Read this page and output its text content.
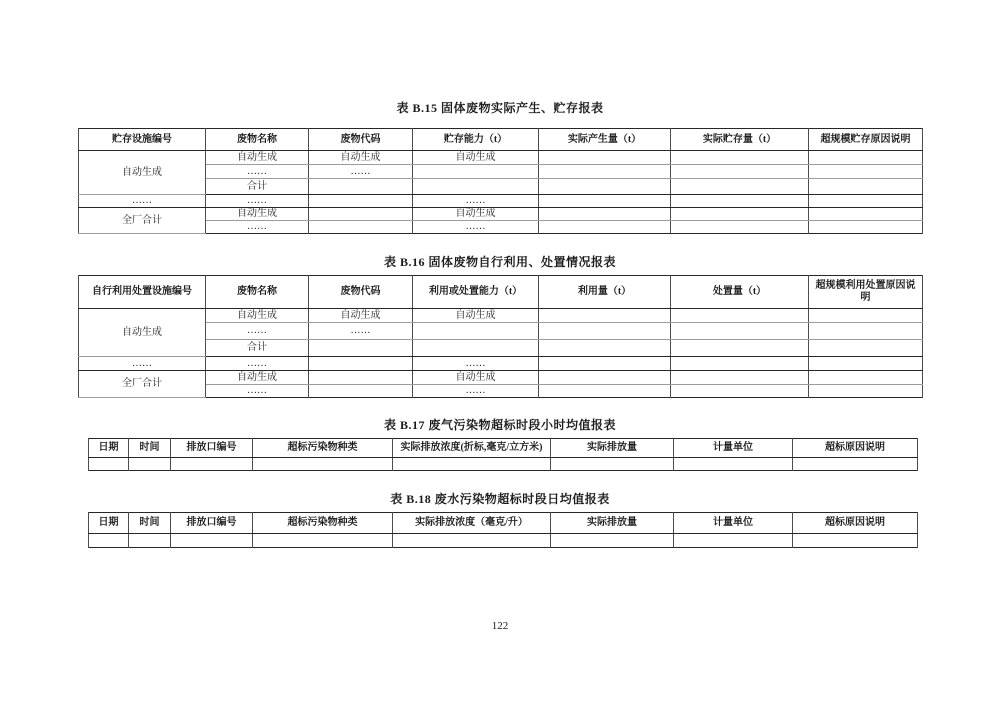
表 B.15 固体废物实际产生、贮存报表
贮存设施编号	废物名称	废物代码	贮存能力（t）	实际产生量（t）	实际贮存量（t）	超规模贮存原因说明
自动生成	自动生成	自动生成	自动生成			
	……	……				
	合计					
……	……		……			
全厂合计	自动生成		自动生成			
	……		……			
表 B.16 固体废物自行利用、处置情况报表
自行利用处置设施编号	废物名称	废物代码	利用或处置能力（t）	利用量（t）	处置量（t）	超规模利用处置原因说明
自动生成	自动生成	自动生成	自动生成			
	……	……				
	合计					
……	……		……			
全厂合计	自动生成		自动生成			
	……		……			
表 B.17 废气污染物超标时段小时均值报表
日期	时间	排放口编号	超标污染物种类	实际排放浓度(折标,毫克/立方米)	实际排放量	计量单位	超标原因说明

表 B.18 废水污染物超标时段日均值报表
日期	时间	排放口编号	超标污染物种类	实际排放浓度（毫克/升）	实际排放量	计量单位	超标原因说明

122
